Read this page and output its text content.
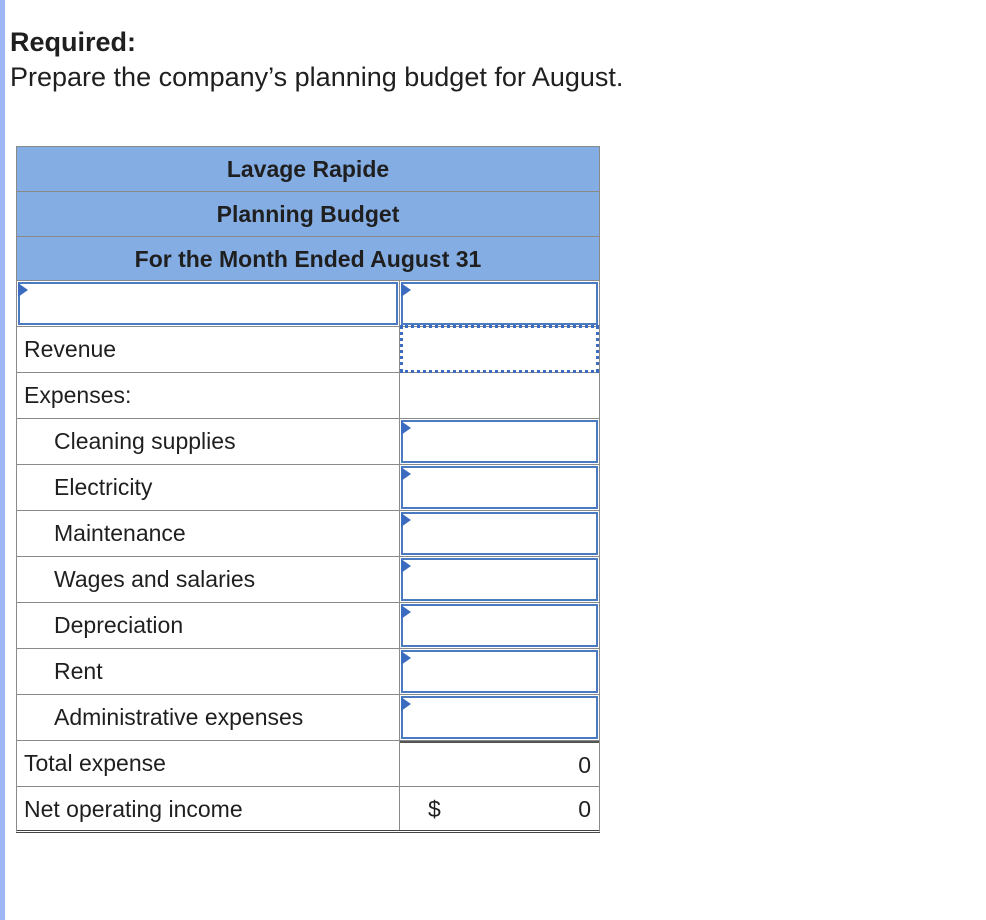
Required:
Prepare the company’s planning budget for August.
Lavage Rapide
Planning Budget
For the Month Ended August 31
Revenue
Expenses:
Cleaning supplies
Electricity
Maintenance
Wages and salaries
Depreciation
Rent
Administrative expenses
Total expense	0
Net operating income	$	0
